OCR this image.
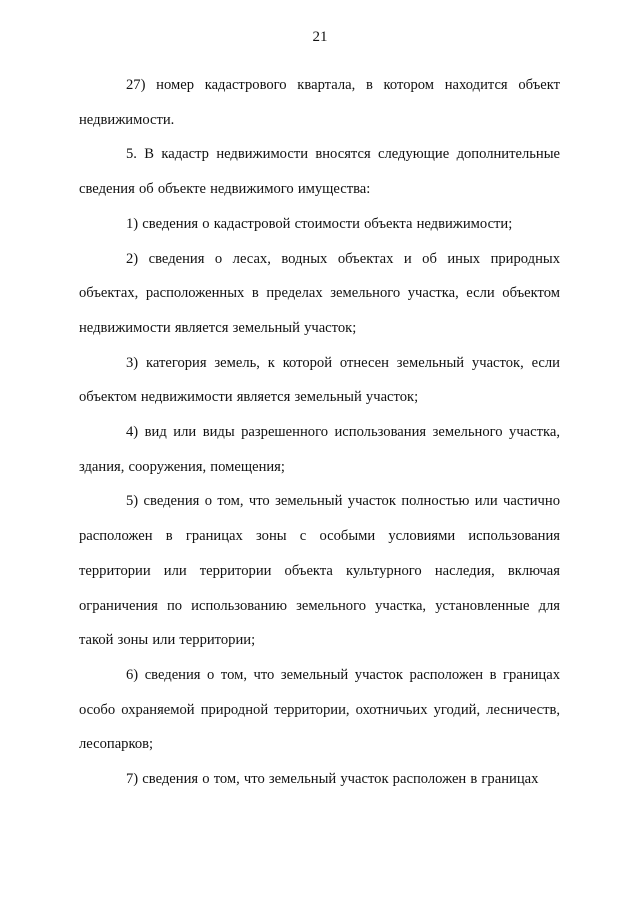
21

27) номер кадастрового квартала, в котором находится объект недвижимости.

5. В кадастр недвижимости вносятся следующие дополнительные сведения об объекте недвижимого имущества:

1) сведения о кадастровой стоимости объекта недвижимости;

2) сведения о лесах, водных объектах и об иных природных объектах, расположенных в пределах земельного участка, если объектом недвижимости является земельный участок;

3) категория земель, к которой отнесен земельный участок, если объектом недвижимости является земельный участок;

4) вид или виды разрешенного использования земельного участка, здания, сооружения, помещения;

5) сведения о том, что земельный участок полностью или частично расположен в границах зоны с особыми условиями использования территории или территории объекта культурного наследия, включая ограничения по использованию земельного участка, установленные для такой зоны или территории;

6) сведения о том, что земельный участок расположен в границах особо охраняемой природной территории, охотничьих угодий, лесничеств, лесопарков;

7) сведения о том, что земельный участок расположен в границах
